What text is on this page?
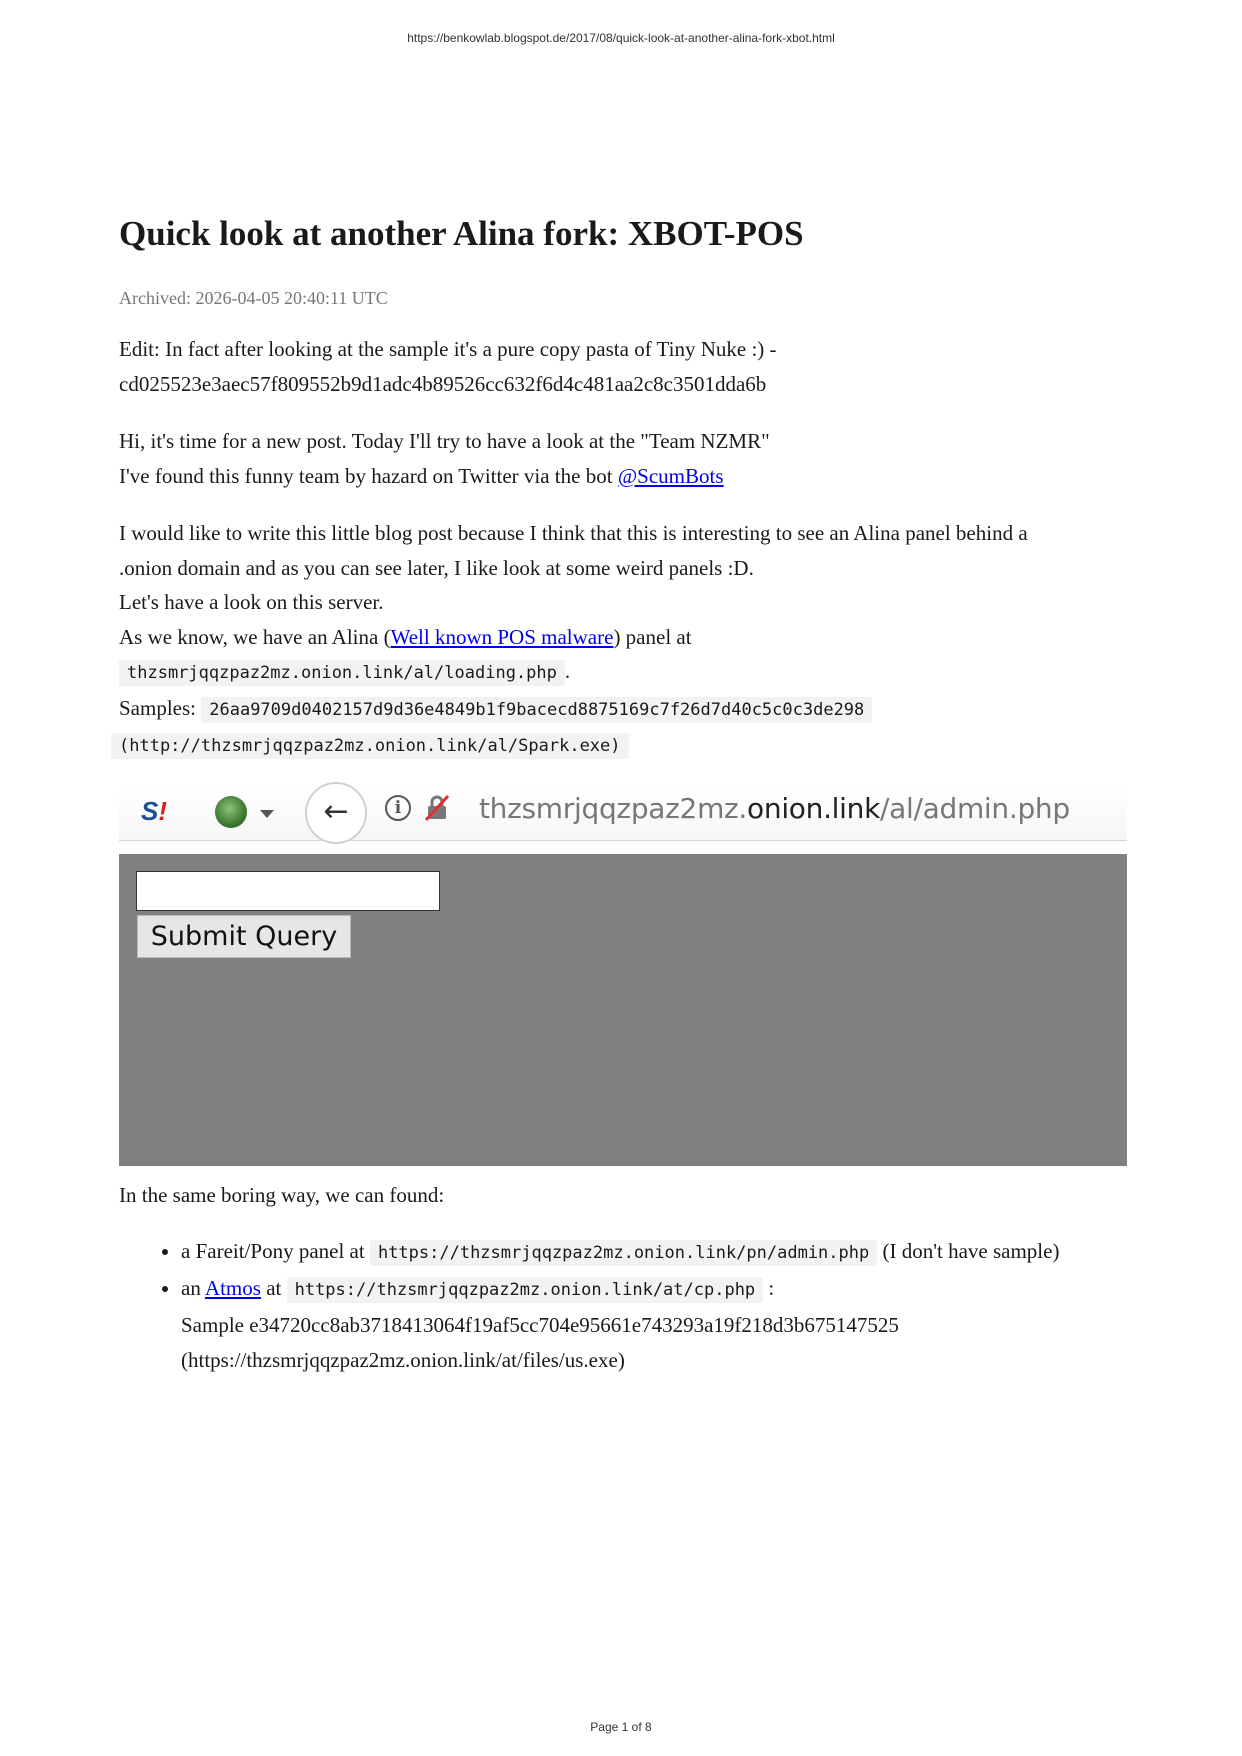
https://benkowlab.blogspot.de/2017/08/quick-look-at-another-alina-fork-xbot.html
Quick look at another Alina fork: XBOT-POS
Archived: 2026-04-05 20:40:11 UTC
Edit: In fact after looking at the sample it's a pure copy pasta of Tiny Nuke :) -
cd025523e3aec57f809552b9d1adc4b89526cc632f6d4c481aa2c8c3501dda6b
Hi, it's time for a new post. Today I'll try to have a look at the "Team NZMR"
I've found this funny team by hazard on Twitter via the bot @ScumBots
I would like to write this little blog post because I think that this is interesting to see an Alina panel behind a
.onion domain and as you can see later, I like look at some weird panels :D.
Let's have a look on this server.
As we know, we have an Alina (Well known POS malware) panel at
thzsmrjqqzpaz2mz.onion.link/al/loading.php .
Samples: 26aa9709d0402157d9d36e4849b1f9bacecd8875169c7f26d7d40c5c0c3de298
(http://thzsmrjqqzpaz2mz.onion.link/al/Spark.exe)
S!	←	i	thzsmrjqqzpaz2mz.onion.link/al/admin.php
Submit Query
In the same boring way, we can found:
• a Fareit/Pony panel at https://thzsmrjqqzpaz2mz.onion.link/pn/admin.php (I don't have sample)
• an Atmos at https://thzsmrjqqzpaz2mz.onion.link/at/cp.php :
Sample e34720cc8ab3718413064f19af5cc704e95661e743293a19f218d3b675147525
(https://thzsmrjqqzpaz2mz.onion.link/at/files/us.exe)
Page 1 of 8
